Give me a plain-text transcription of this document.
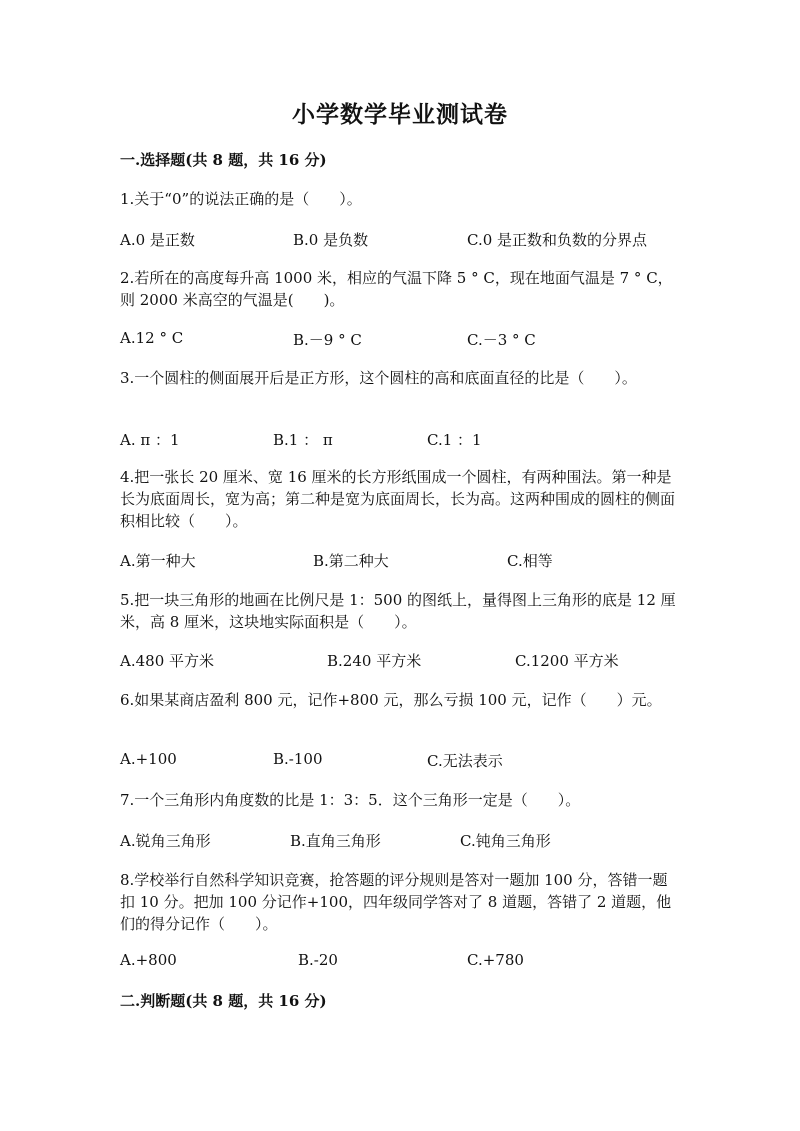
小学数学毕业测试卷
一.选择题(共 8 题，共 16 分)
1.关于“0”的说法正确的是（　　）。
A.0 是正数	B.0 是负数	C.0 是正数和负数的分界点
2.若所在的高度每升高 1000 米，相应的气温下降 5 ° C，现在地面气温是 7 ° C，则 2000 米高空的气温是(　　)。
A.12 ° C	B.－9 ° C	C.－3 ° C
3.一个圆柱的侧面展开后是正方形，这个圆柱的高和底面直径的比是（　　）。
A. π ：1	B.1 ： π	C.1 ：1
4.把一张长 20 厘米、宽 16 厘米的长方形纸围成一个圆柱，有两种围法。第一种是长为底面周长，宽为高；第二种是宽为底面周长，长为高。这两种围成的圆柱的侧面积相比较（　　）。
A.第一种大	B.第二种大	C.相等
5.把一块三角形的地画在比例尺是 1：500 的图纸上，量得图上三角形的底是 12 厘米，高 8 厘米，这块地实际面积是（　　）。
A.480 平方米	B.240 平方米	C.1200 平方米
6.如果某商店盈利 800 元，记作+800 元，那么亏损 100 元，记作（　　）元。
A.+100	B.-100	C.无法表示
7.一个三角形内角度数的比是 1：3：5．这个三角形一定是（　　）。
A.锐角三角形	B.直角三角形	C.钝角三角形
8.学校举行自然科学知识竞赛，抢答题的评分规则是答对一题加 100 分，答错一题扣 10 分。把加 100 分记作+100，四年级同学答对了 8 道题，答错了 2 道题，他们的得分记作（　　）。
A.+800	B.-20	C.+780
二.判断题(共 8 题，共 16 分)
